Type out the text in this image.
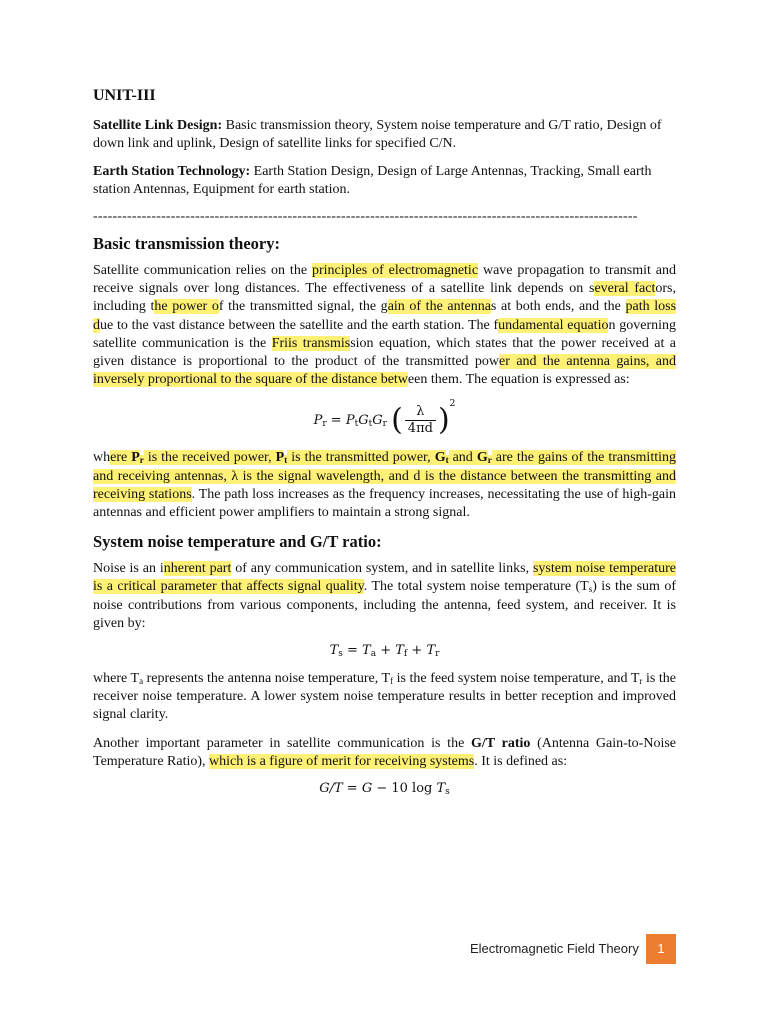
UNIT-III
Satellite Link Design: Basic transmission theory, System noise temperature and G/T ratio, Design of down link and uplink, Design of satellite links for specified C/N.
Earth Station Technology: Earth Station Design, Design of Large Antennas, Tracking, Small earth station Antennas, Equipment for earth station.
----------------------------------------------------------------------------------------------------------------
Basic transmission theory:

Satellite communication relies on the principles of electromagnetic wave propagation to transmit and receive signals over long distances. The effectiveness of a satellite link depends on several factors, including the power of the transmitted signal, the gain of the antennas at both ends, and the path loss due to the vast distance between the satellite and the earth station. The fundamental equation governing satellite communication is the Friis transmission equation, which states that the power received at a given distance is proportional to the product of the transmitted power and the antenna gains, and inversely proportional to the square of the distance between them. The equation is expressed as:

$P_r = P_tG_tG_r$ ( $\frac{\lambda}{4\pi d} )^2$

where $P_r$ is the received power, $P_t$ is the transmitted power, $G_t$ and $G_r$ are the gains of the transmitting and receiving antennas, λ is the signal wavelength, and d is the distance between the transmitting and receiving stations. The path loss increases as the frequency increases, necessitating the use of high-gain antennas and efficient power amplifiers to maintain a strong signal.

System noise temperature and G/T ratio:

Noise is an inherent part of any communication system, and in satellite links, system noise temperature is a critical parameter that affects signal quality. The total system noise temperature $(T_s)$ is the sum of noise contributions from various components, including the antenna, feed system, and receiver. It is given by:

$T_s = T_a + T_f + T_r$

where $T_a$ represents the antenna noise temperature, $T_f$ is the feed system noise temperature, and $T_r$ is the receiver noise temperature. A lower system noise temperature results in better reception and improved signal clarity.

Another important parameter in satellite communication is the G/T ratio (Antenna Gain-to-Noise Temperature Ratio), which is a figure of merit for receiving systems. It is defined as:

G/T = G − 10 $\log T_s$
Electromagnetic Field Theory	1
